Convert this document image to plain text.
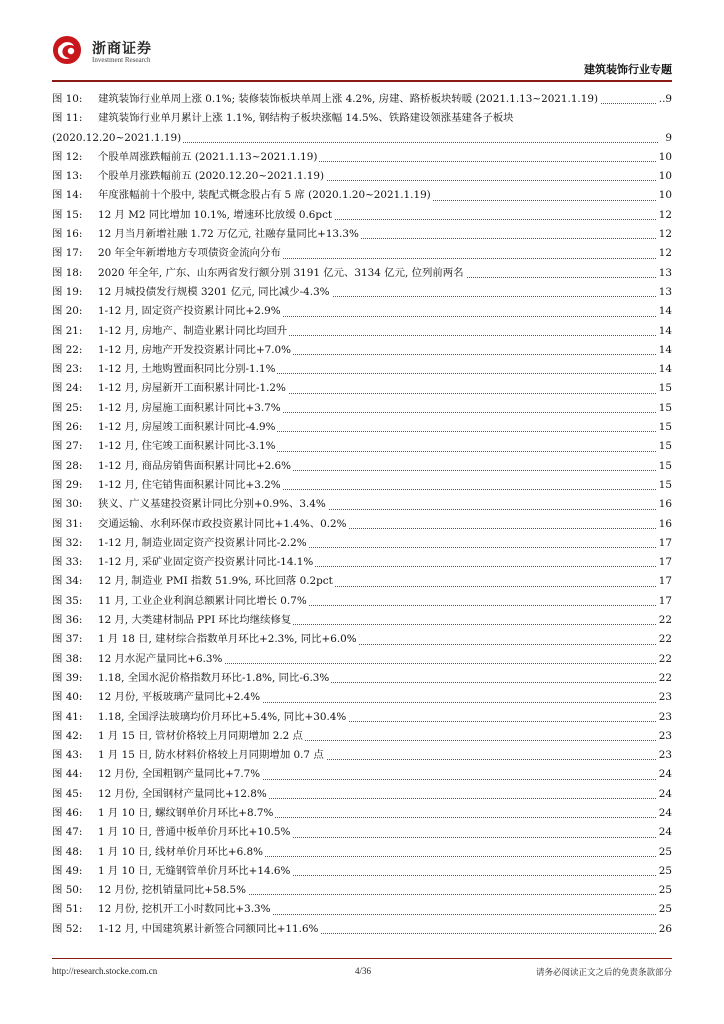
浙商证券
Investment Research
建筑装饰行业专题
图 10: 建筑装饰行业单周上涨 0.1%; 装修装饰板块单周上涨 4.2%, 房建、路桥板块转暖 (2021.1.13~2021.1.19)	..9
图 11: 建筑装饰行业单月累计上涨 1.1%, 钢结构子板块涨幅 14.5%、铁路建设领涨基建各子板块
(2020.12.20~2021.1.19)	9
图 12: 个股单周涨跌幅前五 (2021.1.13~2021.1.19)	10
图 13: 个股单月涨跌幅前五 (2020.12.20~2021.1.19)	10
图 14: 年度涨幅前十个股中, 装配式概念股占有 5 席 (2020.1.20~2021.1.19)	10
图 15: 12 月 M2 同比增加 10.1%, 增速环比放缓 0.6pct	12
图 16: 12 月当月新增社融 1.72 万亿元, 社融存量同比+13.3%	12
图 17: 20 年全年新增地方专项债资金流向分布	12
图 18: 2020 年全年, 广东、山东两省发行额分别 3191 亿元、3134 亿元, 位列前两名	13
图 19: 12 月城投债发行规模 3201 亿元, 同比减少-4.3%	13
图 20: 1-12 月, 固定资产投资累计同比+2.9%	14
图 21: 1-12 月, 房地产、制造业累计同比均回升	14
图 22: 1-12 月, 房地产开发投资累计同比+7.0%	14
图 23: 1-12 月, 土地购置面积同比分别-1.1%	14
图 24: 1-12 月, 房屋新开工面积累计同比-1.2%	15
图 25: 1-12 月, 房屋施工面积累计同比+3.7%	15
图 26: 1-12 月, 房屋竣工面积累计同比-4.9%	15
图 27: 1-12 月, 住宅竣工面积累计同比-3.1%	15
图 28: 1-12 月, 商品房销售面积累计同比+2.6%	15
图 29: 1-12 月, 住宅销售面积累计同比+3.2%	15
图 30: 狭义、广义基建投资累计同比分别+0.9%、3.4%	16
图 31: 交通运输、水利环保市政投资累计同比+1.4%、0.2%	16
图 32: 1-12 月, 制造业固定资产投资累计同比-2.2%	17
图 33: 1-12 月, 采矿业固定资产投资累计同比-14.1%	17
图 34: 12 月, 制造业 PMI 指数 51.9%, 环比回落 0.2pct	17
图 35: 11 月, 工业企业利润总额累计同比增长 0.7%	17
图 36: 12 月, 大类建材制品 PPI 环比均继续修复	22
图 37: 1 月 18 日, 建材综合指数单月环比+2.3%, 同比+6.0%	22
图 38: 12 月水泥产量同比+6.3%	22
图 39: 1.18, 全国水泥价格指数月环比-1.8%, 同比-6.3%	22
图 40: 12 月份, 平板玻璃产量同比+2.4%	23
图 41: 1.18, 全国浮法玻璃均价月环比+5.4%, 同比+30.4%	23
图 42: 1 月 15 日, 管材价格较上月同期增加 2.2 点	23
图 43: 1 月 15 日, 防水材料价格较上月同期增加 0.7 点	23
图 44: 12 月份, 全国粗钢产量同比+7.7%	24
图 45: 12 月份, 全国钢材产量同比+12.8%	24
图 46: 1 月 10 日, 螺纹钢单价月环比+8.7%	24
图 47: 1 月 10 日, 普通中板单价月环比+10.5%	24
图 48: 1 月 10 日, 线材单价月环比+6.8%	25
图 49: 1 月 10 日, 无缝钢管单价月环比+14.6%	25
图 50: 12 月份, 挖机销量同比+58.5%	25
图 51: 12 月份, 挖机开工小时数同比+3.3%	25
图 52: 1-12 月, 中国建筑累计新签合同额同比+11.6%	26
http://research.stocke.com.cn	4/36	请务必阅读正文之后的免责条款部分
